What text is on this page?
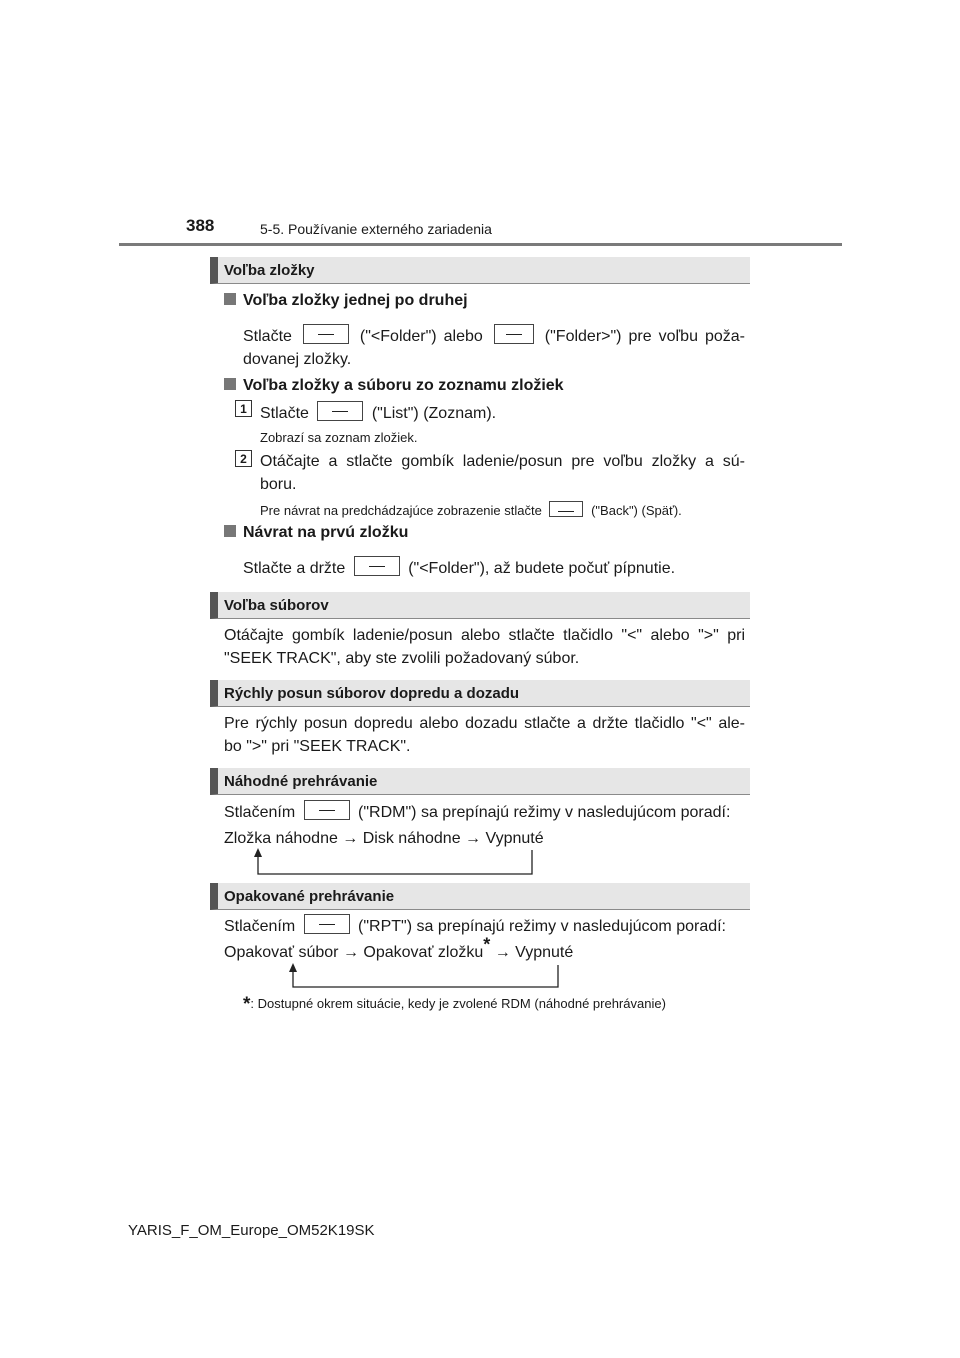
388	5-5. Používanie externého zariadenia
Voľba zložky
Voľba zložky jednej po druhej
Stlačte	("<Folder") alebo	("Folder>") pre voľbu poža-
dovanej zložky.
Voľba zložky a súboru zo zoznamu zložiek
1 Stlačte	("List") (Zoznam).
Zobrazí sa zoznam zložiek.
2 Otáčajte a stlačte gombík ladenie/posun pre voľbu zložky a sú-
boru.
Pre návrat na predchádzajúce zobrazenie stlačte	("Back") (Späť).
Návrat na prvú zložku
Stlačte a držte	("<Folder"), až budete počuť pípnutie.
Voľba súborov
Otáčajte gombík ladenie/posun alebo stlačte tlačidlo "<" alebo ">" pri
"SEEK TRACK", aby ste zvolili požadovaný súbor.
Rýchly posun súborov dopredu a dozadu
Pre rýchly posun dopredu alebo dozadu stlačte a držte tlačidlo "<" ale-
bo ">" pri "SEEK TRACK".
Náhodné prehrávanie
Stlačením	("RDM") sa prepínajú režimy v nasledujúcom poradí:
Zložka náhodne → Disk náhodne → Vypnuté
Opakované prehrávanie
Stlačením	("RPT") sa prepínajú režimy v nasledujúcom poradí:
Opakovať súbor → Opakovať zložku* → Vypnuté
*: Dostupné okrem situácie, kedy je zvolené RDM (náhodné prehrávanie)
YARIS_F_OM_Europe_OM52K19SK
